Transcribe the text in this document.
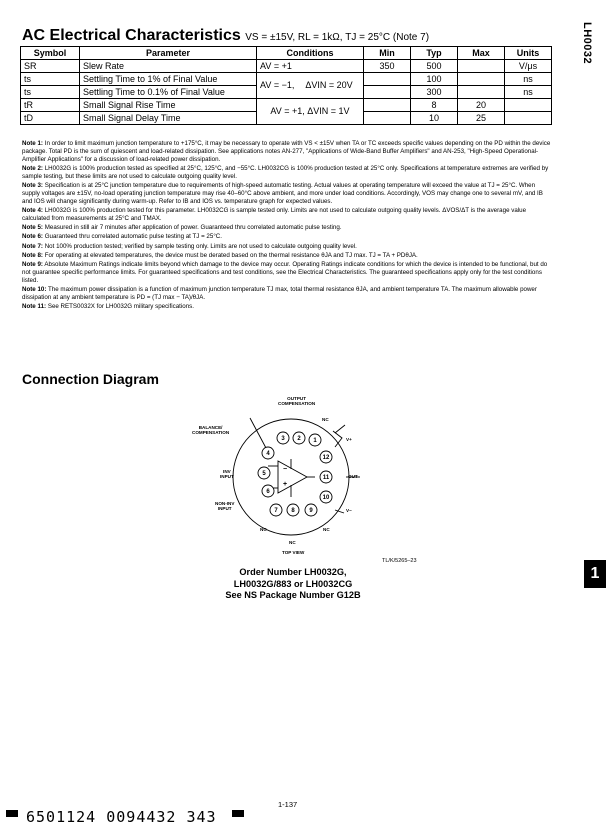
AC Electrical Characteristics VS = ±15V, RL = 1kΩ, TJ = 25°C (Note 7)	LH0032
Symbol	Parameter	Conditions		Min	Typ	Max	Units
SR	Slew Rate	AV = +1		350	500		V/μs
ts	Settling Time to 1% of Final Value	AV = −1,	ΔVIN = 20V		100		ns
ts	Settling Time to 0.1% of Final Value				300		ns
tR	Small Signal Rise Time	AV = +1, ΔVIN = 1V			8	20	
tD	Small Signal Delay Time				10	25	

Note 1: In order to limit maximum junction temperature to +175°C, it may be necessary to operate with VS < ±15V when TA or TC exceeds specific values depending on the PD within the device package. Total PD is the sum of quiescent and load-related dissipation. See applications notes AN-277, "Applications of Wide-Band Buffer Amplifiers" and AN-253, "High-Speed Operational-Amplifier Applications" for a discussion of load-related power dissipation.

Note 2: LH0032G is 100% production tested as specified at 25°C, 125°C, and −55°C. LH0032CG is 100% production tested at 25°C only. Specifications at temperature extremes are verified by sample testing, but these limits are not used to calculate outgoing quality level.

Note 3: Specification is at 25°C junction temperature due to requirements of high-speed automatic testing. Actual values at operating temperature will exceed the value at TJ = 25°C. When supply voltages are ±15V, no-load operating junction temperature may rise 40–60°C above ambient, and more under load conditions. Accordingly, VOS may change one to several mV, and IB and IOS will change significantly during warm-up. Refer to IB and IOS vs. temperature graph for expected values.

Note 4: LH0032G is 100% production tested for this parameter. LH0032CG is sample tested only. Limits are not used to calculate outgoing quality levels. ΔVOS/ΔT is the average value calculated from measurements at 25°C and TMAX.

Note 5: Measured in still air 7 minutes after application of power. Guaranteed thru correlated automatic pulse testing.

Note 6: Guaranteed thru correlated automatic pulse testing at TJ = 25°C.

Note 7: Not 100% production tested; verified by sample testing only. Limits are not used to calculate outgoing quality level.

Note 8: For operating at elevated temperatures, the device must be derated based on the thermal resistance θJA and TJ max. TJ = TA + PDθJA.

Note 9: Absolute Maximum Ratings indicate limits beyond which damage to the device may occur. Operating Ratings indicate conditions for which the device is intended to be functional, but do not guarantee specific performance limits. For guaranteed specifications and test conditions, see the Electrical Characteristics. The guaranteed specifications apply only for the test conditions listed.

Note 10: The maximum power dissipation is a function of maximum junction temperature TJ max, total thermal resistance θJA, and ambient temperature TA. The maximum allowable power dissipation at any ambient temperature is PD = (TJ max − TA)/θJA.

Note 11: See RETS0032X for LH0032G military specifications.

Connection Diagram
1
2
3
4
5
6
7 8 9
10
11
12
−
+
OUTPUT
COMPENSATION
NC
BALANCE/
COMPENSATION
V+
INV
INPUT	OUT
NON-INV
INPUT	V−
NC
NC
NC
TOP VIEW
TL/K/5265–23
Order Number LH0032G,
LH0032G/883 or LH0032CG
See NS Package Number G12B
1
1-137
6501124 0094432 343
